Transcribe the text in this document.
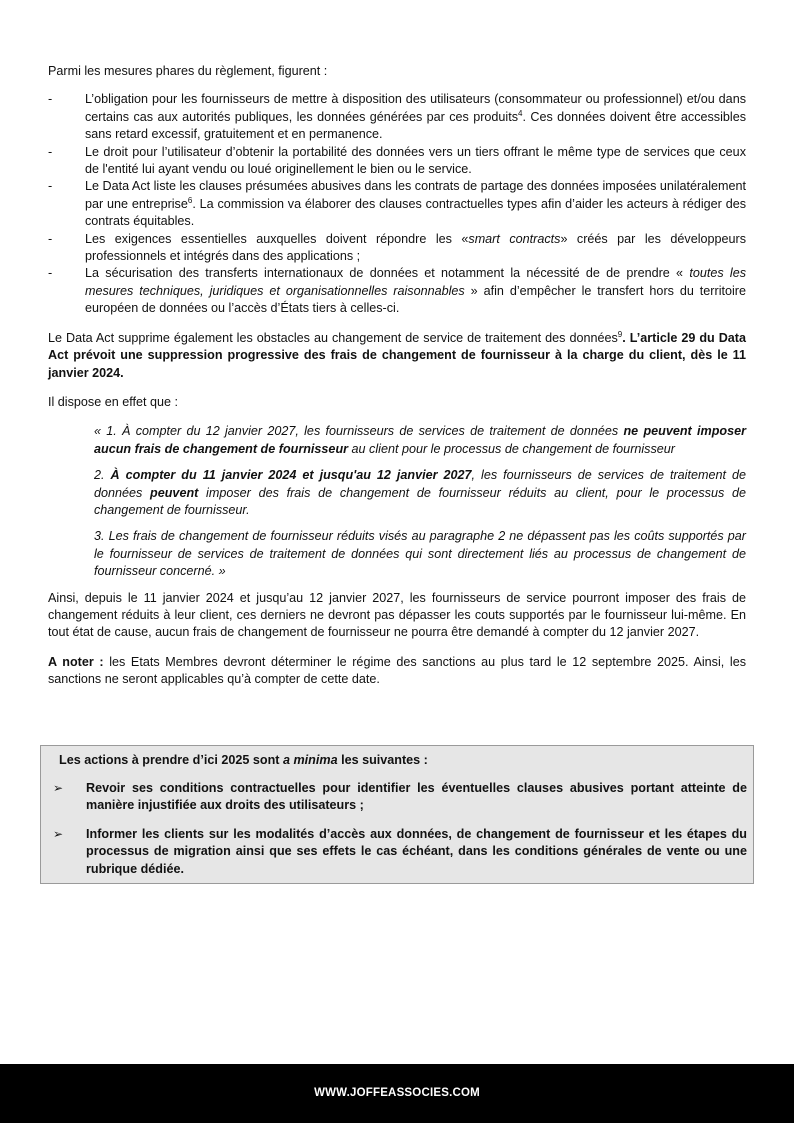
Parmi les mesures phares du règlement, figurent :

-	L’obligation pour les fournisseurs de mettre à disposition des utilisateurs (consommateur ou professionnel) et/ou dans certains cas aux autorités publiques, les données générées par ces produits$^4$. Ces données doivent être accessibles sans retard excessif, gratuitement et en permanence.
-	Le droit pour l’utilisateur d’obtenir la portabilité des données vers un tiers offrant le même type de services que ceux de l'entité lui ayant vendu ou loué originellement le bien ou le service.
-	Le Data Act liste les clauses présumées abusives dans les contrats de partage des données imposées unilatéralement par une entreprise$^6$. La commission va élaborer des clauses contractuelles types afin d’aider les acteurs à rédiger des contrats équitables.
-	Les exigences essentielles auxquelles doivent répondre les «smart contracts» créés par les développeurs professionnels et intégrés dans des applications ;
-	La sécurisation des transferts internationaux de données et notamment la nécessité de de prendre « toutes les mesures techniques, juridiques et organisationnelles raisonnables » afin d’empêcher le transfert hors du territoire européen de données ou l’accès d’États tiers à celles-ci.

Le Data Act supprime également les obstacles au changement de service de traitement des données$^9$. L’article 29 du Data Act prévoit une suppression progressive des frais de changement de fournisseur à la charge du client, dès le 11 janvier 2024.

Il dispose en effet que :

« 1. À compter du 12 janvier 2027, les fournisseurs de services de traitement de données ne peuvent imposer aucun frais de changement de fournisseur au client pour le processus de changement de fournisseur

2. À compter du 11 janvier 2024 et jusqu'au 12 janvier 2027, les fournisseurs de services de traitement de données peuvent imposer des frais de changement de fournisseur réduits au client, pour le processus de changement de fournisseur.

3. Les frais de changement de fournisseur réduits visés au paragraphe 2 ne dépassent pas les coûts supportés par le fournisseur de services de traitement de données qui sont directement liés au processus de changement de fournisseur concerné. »

Ainsi, depuis le 11 janvier 2024 et jusqu’au 12 janvier 2027, les fournisseurs de service pourront imposer des frais de changement réduits à leur client, ces derniers ne devront pas dépasser les couts supportés par le fournisseur lui-même. En tout état de cause, aucun frais de changement de fournisseur ne pourra être demandé à compter du 12 janvier 2027.

A noter : les Etats Membres devront déterminer le régime des sanctions au plus tard le 12 septembre 2025. Ainsi, les sanctions ne seront applicables qu’à compter de cette date.

Les actions à prendre d’ici 2025 sont a minima les suivantes :
➢ Revoir ses conditions contractuelles pour identifier les éventuelles clauses abusives portant atteinte de manière injustifiée aux droits des utilisateurs ;
➢ Informer les clients sur les modalités d’accès aux données, de changement de fournisseur et les étapes du processus de migration ainsi que ses effets le cas échéant, dans les conditions générales de vente ou une rubrique dédiée.
WWW.JOFFEASSOCIES.COM
